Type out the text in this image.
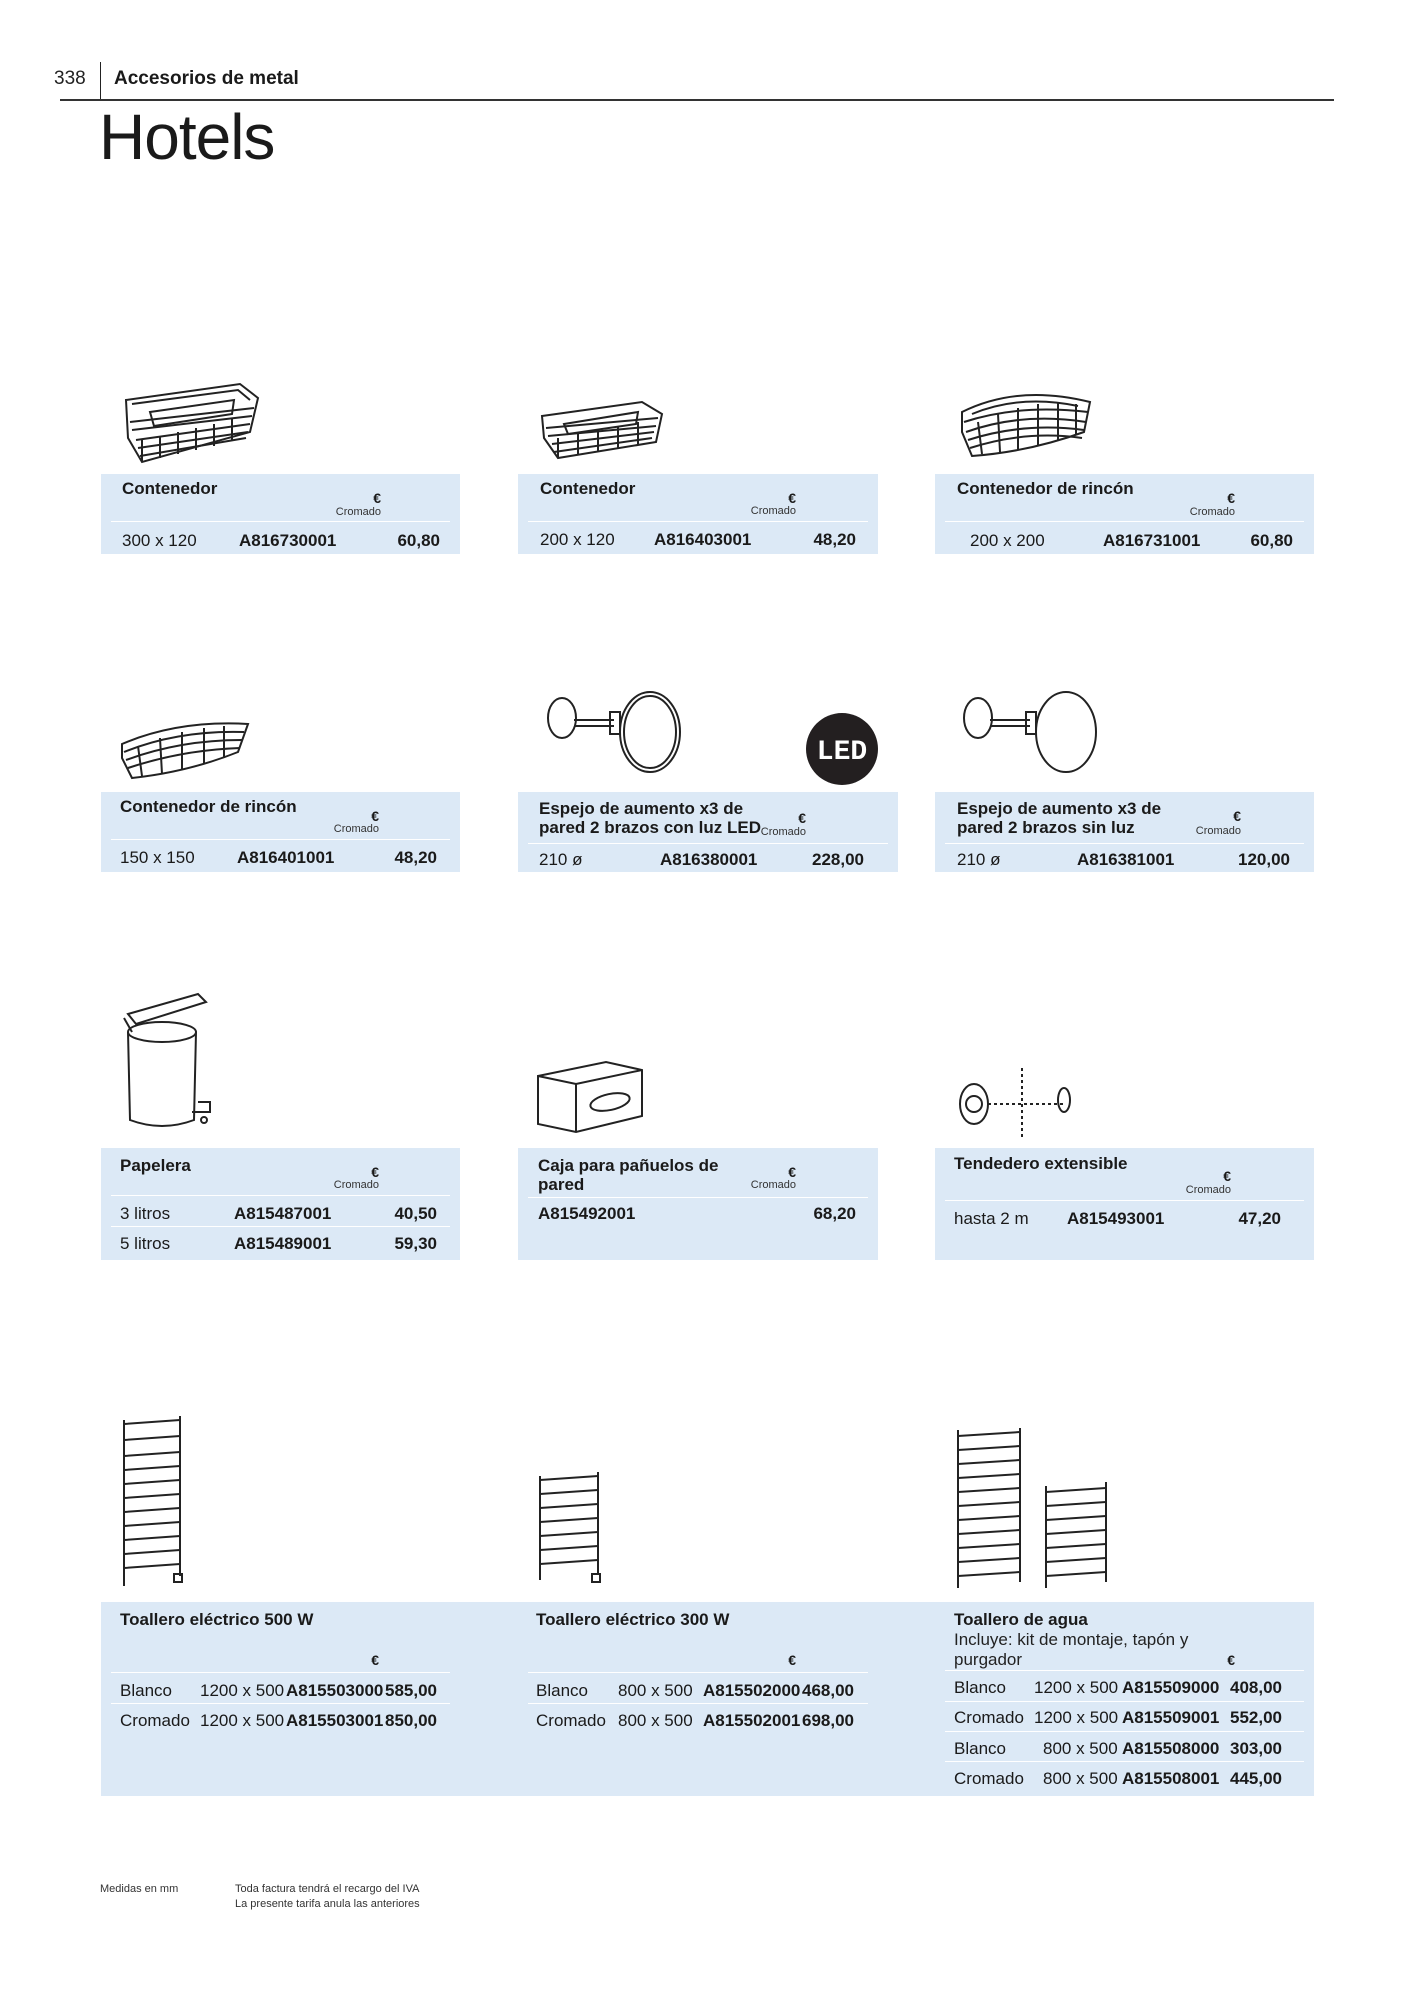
338 Accesorios de metal
Hotels
Contenedor	€
Cromado
300 x 120 A816730001	60,80
Contenedor	€
Cromado
200 x 120 A816403001	48,20
Contenedor de rincón	€
Cromado
200 x 200	A816731001	60,80
LED
Contenedor de rincón	€
Cromado
150 x 150 A816401001	48,20
Espejo de aumento x3 de
pared 2 brazos con luz LED	€
Cromado
210 ø	A816380001	228,00
Espejo de aumento x3 de
pared 2 brazos sin luz
€
Cromado
210 ø	A816381001	120,00
Papelera	€
Cromado
3 litros	A815487001	40,50
5 litros	A815489001	59,30
Caja para pañuelos de
pared
€
Cromado
A815492001	68,20
Tendedero extensible
€
Cromado
hasta 2 m A815493001	47,20
Toallero eléctrico 500 W
€
Blanco 1200 x 500 A815503000 585,00
Cromado 1200 x 500 A815503001 850,00
Toallero eléctrico 300 W
€
Blanco 800 x 500 A815502000 468,00
Cromado 800 x 500 A815502001 698,00
Toallero de agua
Incluye: kit de montaje, tapón y
purgador	€
Blanco 1200 x 500 A815509000 408,00
Cromado 1200 x 500 A815509001 552,00
Blanco 800 x 500 A815508000 303,00
Cromado 800 x 500 A815508001 445,00
Medidas en mm	Toda factura tendrá el recargo del IVA
La presente tarifa anula las anteriores
